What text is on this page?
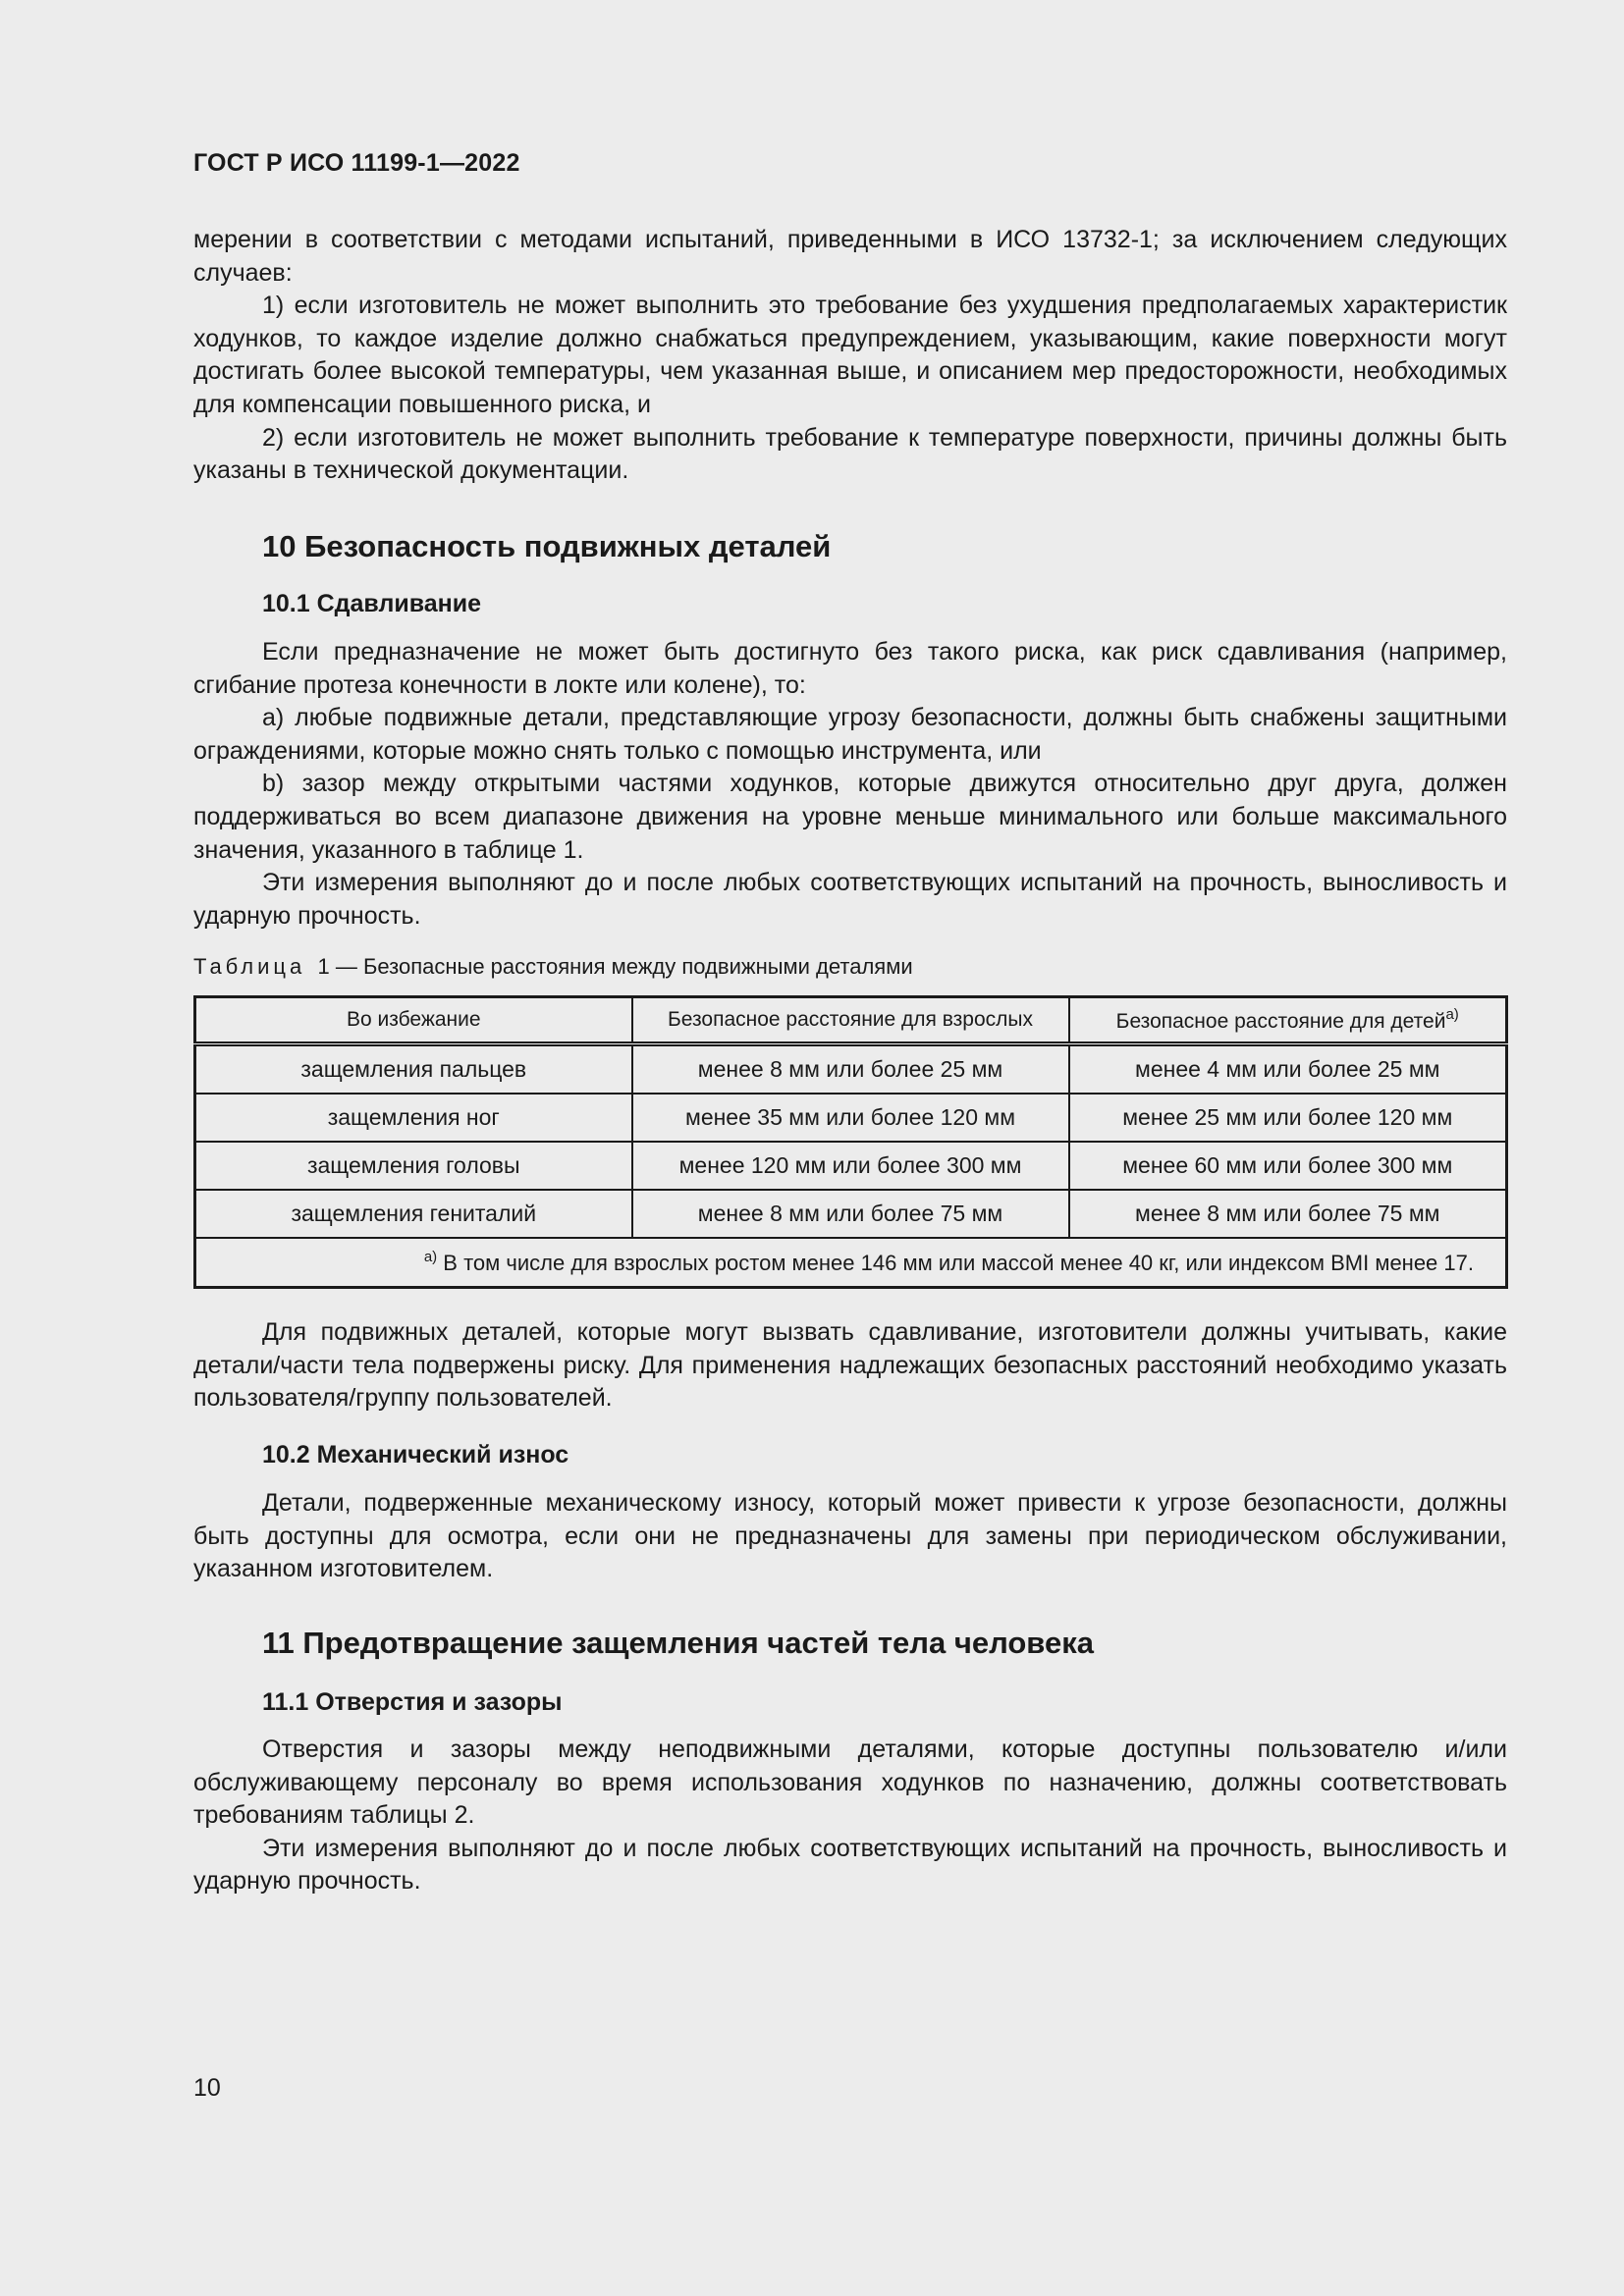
ГОСТ Р ИСО 11199-1—2022

мерении в соответствии с методами испытаний, приведенными в ИСО 13732-1; за исключением следующих случаев:

1) если изготовитель не может выполнить это требование без ухудшения предполагаемых характеристик ходунков, то каждое изделие должно снабжаться предупреждением, указывающим, какие поверхности могут достигать более высокой температуры, чем указанная выше, и описанием мер предосторожности, необходимых для компенсации повышенного риска, и

2) если изготовитель не может выполнить требование к температуре поверхности, причины должны быть указаны в технической документации.

10 Безопасность подвижных деталей
10.1 Сдавливание

Если предназначение не может быть достигнуто без такого риска, как риск сдавливания (например, сгибание протеза конечности в локте или колене), то:

a) любые подвижные детали, представляющие угрозу безопасности, должны быть снабжены защитными ограждениями, которые можно снять только с помощью инструмента, или

b) зазор между открытыми частями ходунков, которые движутся относительно друг друга, должен поддерживаться во всем диапазоне движения на уровне меньше минимального или больше максимального значения, указанного в таблице 1.

Эти измерения выполняют до и после любых соответствующих испытаний на прочность, выносливость и ударную прочность.

Таблица 1 — Безопасные расстояния между подвижными деталями
Во избежание	Безопасное расстояние для взрослых	Безопасное расстояние для детей$^{a)}$
защемления пальцев	менее 8 мм или более 25 мм	менее 4 мм или более 25 мм
защемления ног	менее 35 мм или более 120 мм	менее 25 мм или более 120 мм
защемления головы	менее 120 мм или более 300 мм	менее 60 мм или более 300 мм
защемления гениталий	менее 8 мм или более 75 мм	менее 8 мм или более 75 мм
$^{a)}$ В том числе для взрослых ростом менее 146 мм или массой менее 40 кг, или индексом BMI менее 17.		

Для подвижных деталей, которые могут вызвать сдавливание, изготовители должны учитывать, какие детали/части тела подвержены риску. Для применения надлежащих безопасных расстояний необходимо указать пользователя/группу пользователей.

10.2 Механический износ

Детали, подверженные механическому износу, который может привести к угрозе безопасности, должны быть доступны для осмотра, если они не предназначены для замены при периодическом обслуживании, указанном изготовителем.

11 Предотвращение защемления частей тела человека
11.1 Отверстия и зазоры

Отверстия и зазоры между неподвижными деталями, которые доступны пользователю и/или обслуживающему персоналу во время использования ходунков по назначению, должны соответствовать требованиям таблицы 2.

Эти измерения выполняют до и после любых соответствующих испытаний на прочность, выносливость и ударную прочность.

10
